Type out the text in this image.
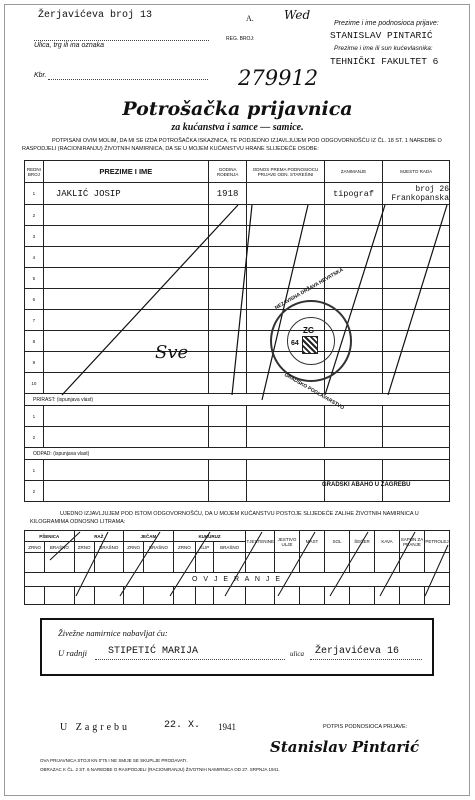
Žerjavićeva broj 13	A.	Wed
REG. BROJ:
Prezime i ime podnosioca prijave:
STANISLAV PINTARIĆ
Ulica, trg ili ina oznaka	Prezime i ime ili sun kućevlasnika:
TEHNIČKI FAKULTET 6
Kbr.	279912
Potrošačka prijavnica
za kućanstva i samce — samice.
POTPISANI OVIM MOLIM, DA MI SE IZDA POTROŠAČKA ISKAZNICA, TE PODJEDNO IZJAVLJUJEM POD ODGOVORNOŠĆU IZ ČL. 18 ST. 1 NAREDBE O RASPODJELI (RACIONIRANJU) ŽIVOTNIH NAMIRNICA, DA SE U MOJEM KUĆANSTVU HRANE SLIJEDEĆE OSOBE:
REDNI BROJ	PREZIME I IME	GODINA ROĐENJA	ODNOS PREMA PODNOSIOCU PRIJAVE ODN. STAREŠINI	ZANIMANJE	MJESTO RADA
1	JAKLIĆ JOSIP	1918		tipograf	broj 26
Frankopanska

2					
3					
4					
5					
6					
7					
8					
9					
10					
PRIRAST: (ispunjava vlast)					
1					
2					
ODPAD: (ispunjava vlast)					
1					
2					
Sve
NEZAVISNA DRŽAVA HRVATSKA
GRADSKO POGLAVARSTVO
ZG
64
GRADSKI ABAHO U ZAGREBU
UJEDNO IZJAVLJUJEM POD ISTOM ODGOVORNOŠĆU, DA U MOJEM KUĆANSTVU POSTOJE SLIJEDEĆE ZALIHE ŽIVOTNIH NAMIRNICA U KILOGRAMIMA ODNOSNO LITRAMA:
PŠENICA		RAŽ		JEČAM		KUKURUZ			TJESTENINE	JESTIVO ULJE	MAST	SOL	ŠEĆER	KAVA	SAPUN ZA PRANJE	PETROLEJ
ZRNO	BRAŠNO	ZRNO	BRAŠNO	ZRNO	BRAŠNO	ZRNO	KLIP	BRAŠNO								

O V J E R A N J E																

Živežne namirnice nabavljat ću:
U radnji STIPETIĆ MARIJA	ulica Žerjavićeva 16
U Zagrebu	22. X. 1941	POTPIS PODNOSIOCA PRIJAVE:
Stanislav Pintarić
OVA PRIJAVNICA STOJI KN 0'75 I NE SMIJE SE SKUPLJE PRODAVATI.
OBRAZAC K ČL. 2 ST. 6 NAREDBE O RASPODJELI (RACIONIRANJU) ŽIVOTNIH NAMIRNICA OD 27. SRPNJA 1941.
